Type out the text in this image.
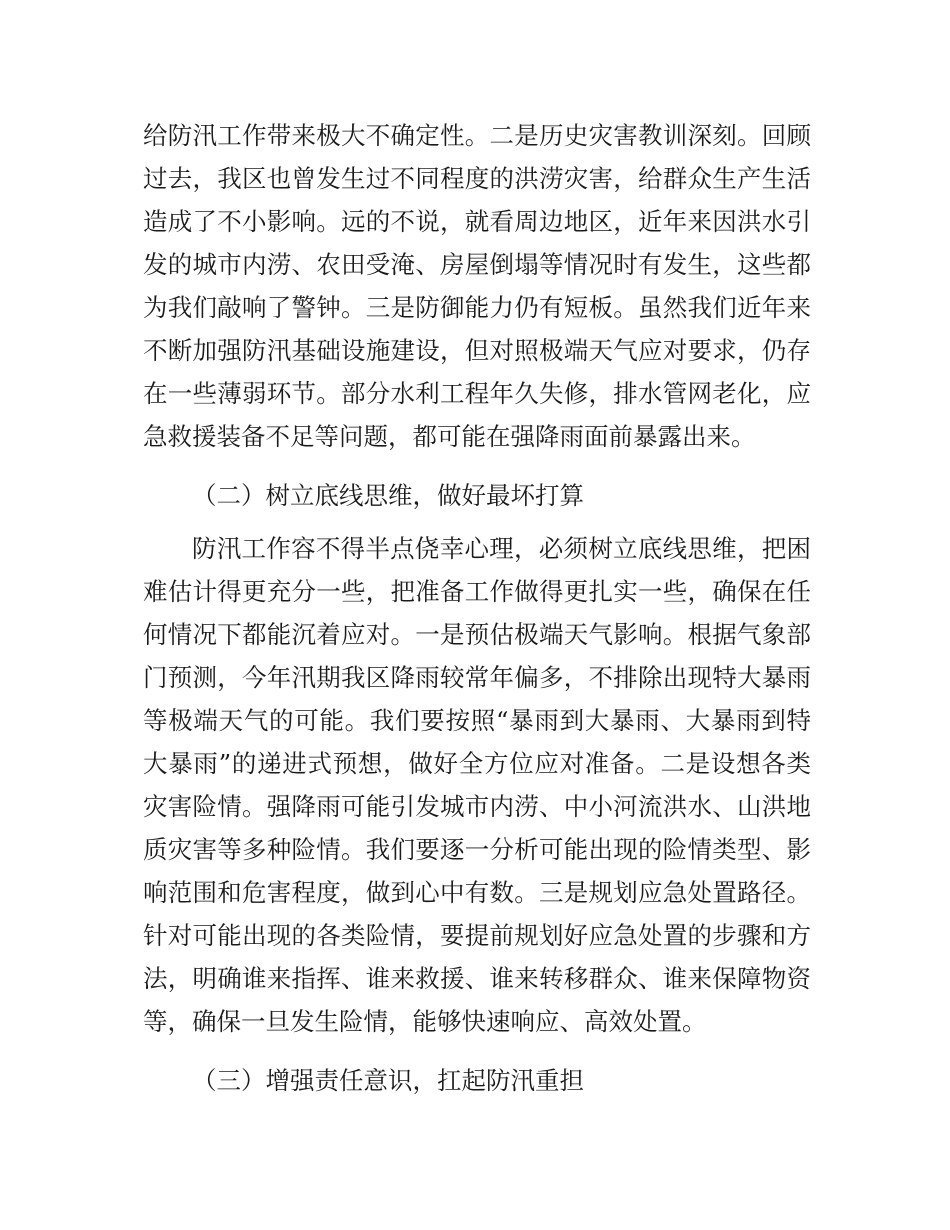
给防汛工作带来极大不确定性。二是历史灾害教训深刻。回顾
过去，我区也曾发生过不同程度的洪涝灾害，给群众生产生活
造成了不小影响。远的不说，就看周边地区，近年来因洪水引
发的城市内涝、农田受淹、房屋倒塌等情况时有发生，这些都
为我们敲响了警钟。三是防御能力仍有短板。虽然我们近年来
不断加强防汛基础设施建设，但对照极端天气应对要求，仍存
在一些薄弱环节。部分水利工程年久失修，排水管网老化，应
急救援装备不足等问题，都可能在强降雨面前暴露出来。
（二）树立底线思维，做好最坏打算
防汛工作容不得半点侥幸心理，必须树立底线思维，把困
难估计得更充分一些，把准备工作做得更扎实一些，确保在任
何情况下都能沉着应对。一是预估极端天气影响。根据气象部
门预测，今年汛期我区降雨较常年偏多，不排除出现特大暴雨
等极端天气的可能。我们要按照“暴雨到大暴雨、大暴雨到特
大暴雨”的递进式预想，做好全方位应对准备。二是设想各类
灾害险情。强降雨可能引发城市内涝、中小河流洪水、山洪地
质灾害等多种险情。我们要逐一分析可能出现的险情类型、影
响范围和危害程度，做到心中有数。三是规划应急处置路径。
针对可能出现的各类险情，要提前规划好应急处置的步骤和方
法，明确谁来指挥、谁来救援、谁来转移群众、谁来保障物资
等，确保一旦发生险情，能够快速响应、高效处置。
（三）增强责任意识，扛起防汛重担
